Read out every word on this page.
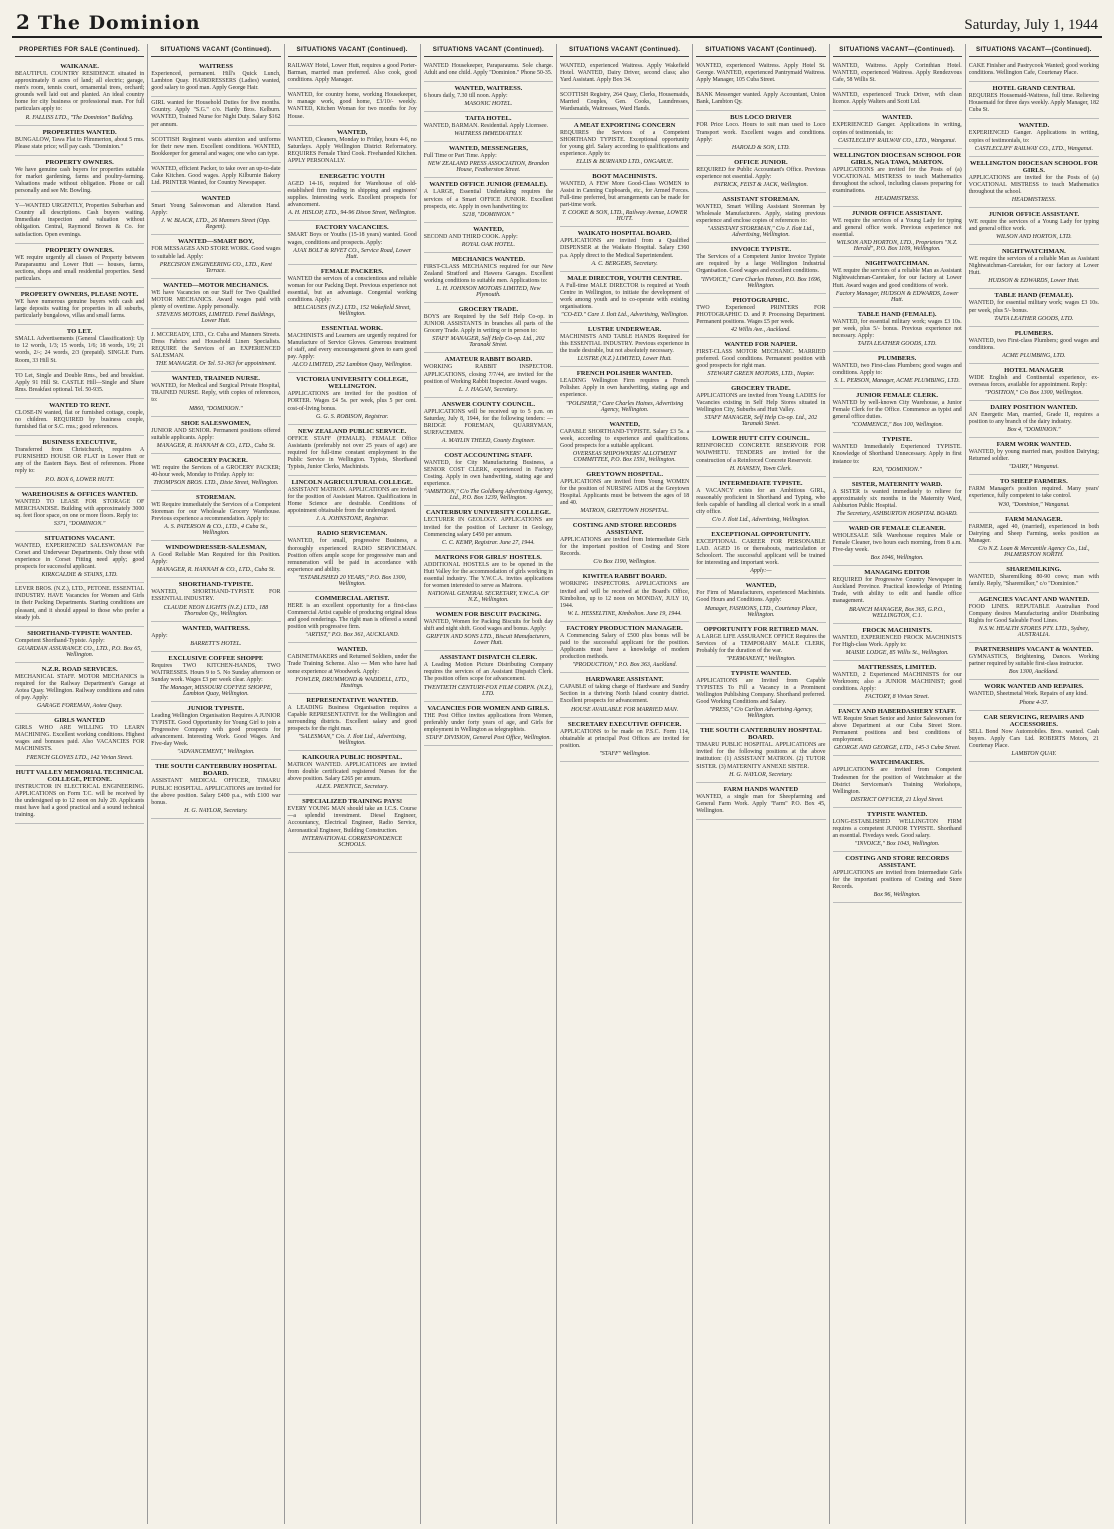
2 The Dominion	Saturday, July 1, 1944
PROPERTIES FOR SALE (Continued).
WAIKANAE.
BEAUTIFUL COUNTRY RESIDENCE situated in approximately 8 acres of land; all electric; garage, men's room, tennis court, ornamental trees, orchard; grounds well laid out and planted. An ideal country home for city business or professional man. For full particulars apply to:
R. FALLISS LTD., "The Dominion" Building.
PROPERTIES WANTED.
BUNGALOW, Tawa Flat to Plimmerton, about 5 rms. Please state price; will pay cash. "Dominion."
PROPERTY OWNERS.
We have genuine cash buyers for properties suitable for market gardening, farms and poultry-farming. Valuations made without obligation. Phone or call personally and see Mr. Bowling.
Y—WANTED URGENTLY, Properties Suburban and Country all descriptions. Cash buyers waiting. Immediate inspection and valuation without obligation. Central, Raymond Brown & Co. for satisfaction. Open evenings.
PROPERTY OWNERS.
WE require urgently all classes of Property between Paraparaumu and Lower Hutt — houses, farms, sections, shops and small residential properties. Send particulars.
PROPERTY OWNERS, PLEASE NOTE.
WE have numerous genuine buyers with cash and large deposits waiting for properties in all suburbs, particularly bungalows, villas and small farms.
TO LET.
SMALL Advertisements (General Classification): Up to 12 words, 1/3; 15 words, 1/6; 18 words, 1/9; 21 words, 2/-; 24 words, 2/3 (prepaid). SINGLE Furn. Room, 33 Hill St.
TO Let, Single and Double Rms., bed and breakfast. Apply 91 Hill St. CASTLE Hill—Single and Share Rms. Breakfast optional. Tel. 50-935.
WANTED TO RENT.
CLOSE-IN wanted, flat or furnished cottage, couple, no children. REQUIRED by business couple, furnished flat or S.C. rms.; good references.
BUSINESS EXECUTIVE,
Transferred from Christchurch, requires A FURNISHED HOUSE OR FLAT in Lower Hutt or any of the Eastern Bays. Best of references. Phone reply to:
P.O. BOX 6, LOWER HUTT.
WAREHOUSES & OFFICES WANTED.
WANTED TO LEASE FOR STORAGE OF MERCHANDISE. Building with approximately 3000 sq. feet floor space, on one or more floors. Reply to:
S371, "DOMINION."
SITUATIONS VACANT.
WANTED, EXPERIENCED SALESWOMAN For Corset and Underwear Departments. Only those with experience in Corset Fitting need apply; good prospects for successful applicant.
KIRKCALDIE & STAINS, LTD.
LEVER BROS. (N.Z.), LTD., PETONE. ESSENTIAL INDUSTRY. HAVE Vacancies for Women and Girls in their Packing Departments. Starting conditions are pleasant, and it should appeal to those who prefer a steady job.
SHORTHAND-TYPISTE WANTED.
Competent Shorthand-Typiste. Apply:
GUARDIAN ASSURANCE CO., LTD., P.O. Box 65, Wellington.
N.Z.R. ROAD SERVICES.
MECHANICAL STAFF. MOTOR MECHANICS is required for the Railway Department's Garage at Aotea Quay. Wellington. Railway conditions and rates of pay. Apply:
GARAGE FOREMAN, Aotea Quay.
GIRLS WANTED
GIRLS WHO ARE WILLING TO LEARN MACHINING. Excellent working conditions. Highest wages and bonuses paid. Also VACANCIES FOR MACHINISTS.
FRENCH GLOVES LTD., 142 Vivian Street.
HUTT VALLEY MEMORIAL TECHNICAL COLLEGE, PETONE.
INSTRUCTOR IN ELECTRICAL ENGINEERING. APPLICATIONS on Form T.C. will be received by the undersigned up to 12 noon on July 20. Applicants must have had a good practical and a sound technical training.
SITUATIONS VACANT (Continued).
WAITRESS
Experienced, permanent. Hill's Quick Lunch, Lambton Quay. HAIRDRESSERS (Ladies) wanted, good salary to good man. Apply George Hair.
GIRL wanted for Household Duties for five months. Country. Apply "S.G." c/o. Hardy Bros. Kelburn. WANTED, Trained Nurse for Night Duty. Salary $162 per annum.
SCOTTISH Regiment wants attention and uniforms for their new men. Excellent conditions. WANTED, Bookkeeper for general and wages; one who can type.
WANTED, efficient Packer, to take over an up-to-date Cake Kitchen. Good wages. Apply Kilburnie Bakery Ltd. PRINTER Wanted, for Country Newspaper.
WANTED
Smart Young Saleswoman and Alteration Hand. Apply:
J. W. BLACK, LTD., 26 Manners Street (Opp. Regent).
WANTED—SMART BOY,
FOR MESSAGES AND STORE WORK. Good wages to suitable lad. Apply:
PRECISION ENGINEERING CO., LTD., Kent Terrace.
WANTED—MOTOR MECHANICS.
WE have Vacancies on our Staff for Two Qualified MOTOR MECHANICS. Award wages paid with plenty of overtime. Apply personally.
STEVENS MOTORS, LIMITED. Fenel Buildings, Lower Hutt.
J. MCCREADY, LTD., Cr. Cuba and Manners Streets. Dress Fabrics and Household Linen Specialists. REQUIRE the Services of an EXPERIENCED SALESMAN.
THE MANAGER. Or Tel. 51-363 for appointment.
WANTED, TRAINED NURSE.
WANTED, for Medical and Surgical Private Hospital, TRAINED NURSE. Reply, with copies of references, to:
M860, "DOMINION."
SHOE SALESWOMEN,
JUNIOR AND SENIOR. Permanent positions offered suitable applicants. Apply:
MANAGER, R. HANNAH & CO., LTD., Cuba St.
GROCERY PACKER.
WE require the Services of a GROCERY PACKER; 40-hour week, Monday to Friday. Apply to:
THOMPSON BROS. LTD., Dixie Street, Wellington.
STOREMAN.
WE Require immediately the Services of a Competent Storeman for our Wholesale Grocery Warehouse. Previous experience a recommendation. Apply to:
A. S. PATERSON & CO., LTD., 4 Cuba St., Wellington.
WINDOWDRESSER-SALESMAN,
A Good Reliable Man Required for this Position. Apply:
MANAGER, R. HANNAH & CO., LTD., Cuba St.
SHORTHAND-TYPISTE.
WANTED, SHORTHAND-TYPISTE FOR ESSENTIAL INDUSTRY.
CLAUDE NEON LIGHTS (N.Z.) LTD., 188 Thorndon Qy., Wellington.
WANTED, WAITRESS.
Apply:
BARRETT'S HOTEL.
EXCLUSIVE COFFEE SHOPPE
Requires TWO KITCHEN-HANDS, TWO WAITRESSES. Hours 9 to 5. No Sunday afternoon or Sunday work. Wages £3 per week clear. Apply:
The Manager, MISSOURI COFFEE SHOPPE, Lambton Quay, Wellington.
JUNIOR TYPISTE.
Leading Wellington Organisation Requires A JUNIOR TYPISTE. Good Opportunity for Young Girl to join a Progressive Company with good prospects for advancement. Interesting Work. Good Wages. And Five-day Week.
"ADVANCEMENT," Wellington.
THE SOUTH CANTERBURY HOSPITAL BOARD.
ASSISTANT MEDICAL OFFICER, TIMARU PUBLIC HOSPITAL. APPLICATIONS are invited for the above position. Salary £400 p.a., with £100 war bonus.
H. G. NAYLOR, Secretary.
SITUATIONS VACANT (Continued).
RAILWAY Hotel, Lower Hutt, requires a good Porter-Barman, married man preferred. Also cook, good conditions. Apply Manager.
WANTED, for country home, working Housekeeper, to manage work, good home, £3/10/- weekly. WANTED, Kitchen Woman for two months for Joy House.
WANTED,
WANTED, Cleaners, Monday to Friday, hours 4-6, no Saturdays. Apply Wellington District Reformatory. REQUIRES Female Third Cook. Fivehanded Kitchen. APPLY PERSONALLY.
ENERGETIC YOUTH
AGED 14-16, required for Warehouse of old-established firm trading in shipping and engineers' supplies. Interesting work. Excellent prospects for advancement.
A. H. HISLOP, LTD., 94-96 Dixon Street, Wellington.
FACTORY VACANCIES.
SMART Boys or Youths (15-18 years) wanted. Good wages, conditions and prospects. Apply:
AJAX BOLT & RIVET CO., Service Road, Lower Hutt.
FEMALE PACKERS.
WANTED the services of a conscientious and reliable woman for our Packing Dept. Previous experience not essential, but an advantage. Congenial working conditions. Apply:
MELCAUSES (N.Z.) LTD., 152 Wakefield Street, Wellington.
ESSENTIAL WORK.
MACHINISTS and Learners are urgently required for Manufacture of Service Gloves. Generous treatment of staff, and every encouragement given to earn good pay. Apply:
ALCO LIMITED, 252 Lambton Quay, Wellington.
VICTORIA UNIVERSITY COLLEGE, WELLINGTON.
APPLICATIONS are invited for the position of PORTER. Wages £4 5s. per week, plus 5 per cent. cost-of-living bonus.
G. G. S. ROBISON, Registrar.
NEW ZEALAND PUBLIC SERVICE.
OFFICE STAFF (FEMALE). FEMALE Office Assistants (preferably not over 25 years of age) are required for full-time constant employment in the Public Service in Wellington. Typists, Shorthand Typists, Junior Clerks, Machinists.
LINCOLN AGRICULTURAL COLLEGE.
ASSISTANT MATRON. APPLICATIONS are invited for the position of Assistant Matron. Qualifications in Home Science are desirable. Conditions of appointment obtainable from the undersigned.
J. A. JOHNSTONE, Registrar.
RADIO SERVICEMAN.
WANTED, for small, progressive Business, a thoroughly experienced RADIO SERVICEMAN. Position offers ample scope for progressive man and remuneration will be paid in accordance with experience and ability.
"ESTABLISHED 20 YEARS," P.O. Box 1300, Wellington.
COMMERCIAL ARTIST.
HERE is an excellent opportunity for a first-class Commercial Artist capable of producing original ideas and good renderings. The right man is offered a sound position with progressive firm.
"ARTIST," P.O. Box 361, AUCKLAND.
WANTED.
CABINETMAKERS and Returned Soldiers, under the Trade Training Scheme. Also — Men who have had some experience at Woodwork. Apply:
FOWLER, DRUMMOND & WADDELL, LTD., Hastings.
REPRESENTATIVE WANTED.
A LEADING Business Organisation requires a Capable REPRESENTATIVE for the Wellington and surrounding districts. Excellent salary and good prospects for the right man.
"SALESMAN," C/o. J. Ilott Ltd., Advertising, Wellington.
KAIKOURA PUBLIC HOSPITAL.
MATRON WANTED. APPLICATIONS are invited from double certificated registered Nurses for the above position. Salary £265 per annum.
ALEX. PRENTICE, Secretary.
SPECIALIZED TRAINING PAYS!
EVERY YOUNG MAN should take an I.C.S. Course—a splendid investment. Diesel Engineer, Accountancy, Electrical Engineer, Radio Service, Aeronautical Engineer, Building Construction.
INTERNATIONAL CORRESPONDENCE SCHOOLS.
SITUATIONS VACANT (Continued).
WANTED Housekeeper, Paraparaumu. Sole charge. Adult and one child. Apply "Dominion." Phone 50-35.
WANTED, WAITRESS.
6 hours daily, 7.30 till noon. Apply:
MASONIC HOTEL.
TAITA HOTEL.
WANTED, BARMAN. Residential. Apply Licensee.
WAITRESS IMMEDIATELY.
WANTED, MESSENGERS,
Full Time or Part Time. Apply:
NEW ZEALAND PRESS ASSOCIATION, Brandon House, Featherston Street.
WANTED OFFICE JUNIOR (FEMALE).
A LARGE, Essential Undertaking requires the services of a Smart OFFICE JUNIOR. Excellent prospects, etc. Apply in own handwriting to:
S218, "DOMINION."
WANTED,
SECOND AND THIRD COOK. Apply:
ROYAL OAK HOTEL.
MECHANICS WANTED.
FIRST-CLASS MECHANICS required for our New Zealand Stratford and Hawera Garages. Excellent working conditions to suitable men. Applications to:
L. H. JOHNSON MOTORS LIMITED, New Plymouth.
GROCERY TRADE.
BOYS are Required by the Self Help Co-op. in JUNIOR ASSISTANTS in branches all parts of the Grocery Trade. Apply in writing or in person to:
STAFF MANAGER, Self Help Co-op. Ltd., 202 Taranaki Street.
AMATEUR RABBIT BOARD.
WORKING RABBIT INSPECTOR. APPLICATIONS, closing 7/7/44, are invited for the position of Working Rabbit Inspector. Award wages.
L. J. HAGAN, Secretary.
ANSWER COUNTY COUNCIL.
APPLICATIONS will be received up to 5 p.m. on Saturday, July 8, 1944, for the following tenders: — BRIDGE FOREMAN, QUARRYMAN, SURFACEMEN.
A. MAYLIN THEED, County Engineer.
COST ACCOUNTING STAFF.
WANTED, for City Manufacturing Business, a SENIOR COST CLERK, experienced in Factory Costing. Apply in own handwriting, stating age and experience.
"AMBITION," C/o The Goldberg Advertising Agency, Ltd., P.O. Box 1239, Wellington.
CANTERBURY UNIVERSITY COLLEGE.
LECTURER IN GEOLOGY. APPLICATIONS are invited for the position of Lecturer in Geology, Commencing salary £450 per annum.
C. C. KEMP, Registrar. June 27, 1944.
MATRONS FOR GIRLS' HOSTELS.
ADDITIONAL HOSTELS are to be opened in the Hutt Valley for the accommodation of girls working in essential industry. The Y.W.C.A. invites applications for women interested to serve as Matrons.
NATIONAL GENERAL SECRETARY, Y.W.C.A. OF N.Z., Wellington.
WOMEN FOR BISCUIT PACKING.
WANTED, Women for Packing Biscuits for both day shift and night shift. Good wages and bonus. Apply:
GRIFFIN AND SONS LTD., Biscuit Manufacturers, Lower Hutt.
ASSISTANT DISPATCH CLERK.
A Leading Motion Picture Distributing Company requires the services of an Assistant Dispatch Clerk. The position offers scope for advancement.
TWENTIETH CENTURY-FOX FILM CORPN. (N.Z.), LTD.
VACANCIES FOR WOMEN AND GIRLS.
THE Post Office invites applications from Women, preferably under forty years of age, and Girls for employment in Wellington as telegraphists.
STAFF DIVISION, General Post Office, Wellington.
SITUATIONS VACANT (Continued).
WANTED, experienced Waitress. Apply Wakefield Hotel. WANTED, Dairy Driver, second class; also Yard Assistant. Apply Box 34.
SCOTTISH Registry, 264 Quay, Clerks, Housemaids, Married Couples, Gen. Cooks, Laundresses, Wardsmaids, Waitresses, Ward Hands.
A MEAT EXPORTING CONCERN
REQUIRES the Services of a Competent SHORTHAND TYPISTE. Exceptional opportunity for young girl. Salary according to qualifications and experience. Apply to:
ELLIS & BURNAND LTD., ONGARUE.
BOOT MACHINISTS.
WANTED, A FEW More Good-Class WOMEN to Assist in Canning Cupboards, etc., for Armed Forces. Full-time preferred, but arrangements can be made for part-time work.
T. COOKE & SON, LTD., Railway Avenue, LOWER HUTT.
WAIKATO HOSPITAL BOARD.
APPLICATIONS are invited from a Qualified DISPENSER at the Waikato Hospital. Salary £360 p.a. Apply direct to the Medical Superintendent.
A. C. BERGERS, Secretary.
MALE DIRECTOR, YOUTH CENTRE.
A Full-time MALE DIRECTOR is required at Youth Centre in Wellington, to initiate the development of work among youth and to co-operate with existing organisations.
"CO-ED." Care J. Ilott Ltd., Advertising, Wellington.
LUSTRE UNDERWEAR.
MACHINISTS AND TABLE HANDS Required for this ESSENTIAL INDUSTRY. Previous experience in the trade desirable, but not absolutely necessary.
LUSTRE (N.Z.) LIMITED, Lower Hutt.
FRENCH POLISHER WANTED.
LEADING Wellington Firm requires a French Polisher. Apply in own handwriting, stating age and experience.
"POLISHER," Care Charles Haines, Advertising Agency, Wellington.
WANTED,
CAPABLE SHORTHAND-TYPISTE. Salary £3 5s. a week, according to experience and qualifications. Good prospects for a suitable applicant.
OVERSEAS SHIPOWNERS' ALLOTMENT COMMITTEE, P.O. Box 1591, Wellington.
GREYTOWN HOSPITAL.
APPLICATIONS are invited from Young WOMEN for the position of NURSING AIDS at the Greytown Hospital. Applicants must be between the ages of 18 and 40.
MATRON, GREYTOWN HOSPITAL.
COSTING AND STORE RECORDS ASSISTANT.
APPLICATIONS are invited from Intermediate Girls for the important position of Costing and Store Records.
C/o Box 1190, Wellington.
KIWITEA RABBIT BOARD.
WORKING INSPECTORS. APPLICATIONS are invited and will be received at the Board's Office, Kimbolton, up to 12 noon on MONDAY, JULY 10, 1944.
W. L. HESSELTINE, Kimbolton. June 19, 1944.
FACTORY PRODUCTION MANAGER.
A Commencing Salary of £500 plus bonus will be paid to the successful applicant for the position. Applicants must have a knowledge of modern production methods.
"PRODUCTION," P.O. Box 363, Auckland.
HARDWARE ASSISTANT.
CAPABLE of taking charge of Hardware and Sundry Section in a thriving North Island country district. Excellent prospects for advancement.
HOUSE AVAILABLE FOR MARRIED MAN.
SECRETARY EXECUTIVE OFFICER.
APPLICATIONS to be made on P.S.C. Form 114, obtainable at principal Post Offices are invited for position.
"STAFF" Wellington.
SITUATIONS VACANT (Continued).
WANTED, experienced Waitress. Apply Hotel St. George. WANTED, experienced Pantrymaid Waitress. Apply Manager, 105 Cuba Street.
BANK Messenger wanted. Apply Accountant, Union Bank, Lambton Qy.
BUS LOCO DRIVER
FOR Price Loco. Hours to suit man used to Loco Transport work. Excellent wages and conditions. Apply:
HAROLD & SON, LTD.
OFFICE JUNIOR.
REQUIRED for Public Accountant's Office. Previous experience not essential. Apply:
PATRICK, FEIST & JACK, Wellington.
ASSISTANT STOREMAN.
WANTED, Smart Willing Assistant Storeman by Wholesale Manufacturers. Apply, stating previous experience and enclose copies of references to:
"ASSISTANT STOREMAN," C/o J. Ilott Ltd., Advertising, Wellington.
INVOICE TYPISTE.
The Services of a Competent Junior Invoice Typiste are required by a large Wellington Industrial Organisation. Good wages and excellent conditions.
"INVOICE," Care Charles Haines, P.O. Box 1696, Wellington.
PHOTOGRAPHIC.
TWO Experienced PRINTERS FOR PHOTOGRAPHIC D. and P. Processing Department. Permanent positions. Wages £5 per week.
42 Willis Ave., Auckland.
WANTED FOR NAPIER.
FIRST-CLASS MOTOR MECHANIC. MARRIED preferred. Good conditions. Permanent position with good prospects for right man.
STEWART GREEN MOTORS, LTD., Napier.
GROCERY TRADE.
APPLICATIONS are invited from Young LADIES for Vacancies existing in Self Help Stores situated in Wellington City, Suburbs and Hutt Valley.
STAFF MANAGER, Self Help Co-op. Ltd., 202 Taranaki Street.
LOWER HUTT CITY COUNCIL.
REINFORCED CONCRETE RESERVOIR FOR WAIWHETU. TENDERS are invited for the construction of a Reinforced Concrete Reservoir.
H. HANSEN, Town Clerk.
INTERMEDIATE TYPISTE.
A VACANCY exists for an Ambitious GIRL, reasonably proficient in Shorthand and Typing, who feels capable of handling all clerical work in a small city office.
C/o J. Ilott Ltd., Advertising, Wellington.
EXCEPTIONAL OPPORTUNITY.
EXCEPTIONAL CAREER FOR PERSONABLE LAD. AGED 16 or thereabouts, matriculation or Schoolcert. The successful applicant will be trained for interesting and important work.
Apply:—
WANTED,
For Firm of Manufacturers, experienced Machinists. Good Hours and Conditions. Apply:
Manager, FASHIONS, LTD., Courtenay Place, Wellington.
OPPORTUNITY FOR RETIRED MAN.
A LARGE LIFE ASSURANCE OFFICE Requires the Services of a TEMPORARY MALE CLERK, Probably for the duration of the war.
"PERMANENT," Wellington.
TYPISTE WANTED.
APPLICATIONS are Invited from Capable TYPISTES To Fill a Vacancy in a Prominent Wellington Publishing Company. Shorthand preferred. Good Working Conditions and Salary.
"PRESS," C/o Carlton Advertising Agency, Wellington.
THE SOUTH CANTERBURY HOSPITAL BOARD.
TIMARU PUBLIC HOSPITAL. APPLICATIONS are invited for the following positions at the above institution: (1) ASSISTANT MATRON. (2) TUTOR SISTER. (3) MATERNITY ANNEXE SISTER.
H. G. NAYLOR, Secretary.
FARM HANDS WANTED
WANTED, a single man for Sheepfarming and General Farm Work. Apply "Farm" P.O. Box 45, Wellington.
SITUATIONS VACANT—(Continued).
WANTED, Waitress. Apply Corinthian Hotel. WANTED, experienced Waitress. Apply Rendezvous Cafe, 58 Willis St.
WANTED, experienced Truck Driver, with clean licence. Apply Walters and Scott Ltd.
WANTED.
EXPERIENCED Ganger. Applications in writing, copies of testimonials, to:
CASTLECLIFF RAILWAY CO., LTD., Wanganui.
WELLINGTON DIOCESAN SCHOOL FOR GIRLS, NGA TAWA, MARTON.
APPLICATIONS are invited for the Posts of (a) VOCATIONAL MISTRESS to teach Mathematics throughout the school, including classes preparing for examinations.
HEADMISTRESS.
JUNIOR OFFICE ASSISTANT.
WE require the services of a Young Lady for typing and general office work. Previous experience not essential.
WILSON AND HORTON, LTD., Proprietors "N.Z. Herald", P.O. Box 1109, Wellington.
NIGHTWATCHMAN.
WE require the services of a reliable Man as Assistant Nightwatchman-Caretaker, for our factory at Lower Hutt. Award wages and good conditions of work.
Factory Manager, HUDSON & EDWARDS, Lower Hutt.
TABLE HAND (FEMALE).
WANTED, for essential military work; wages £3 10s. per week, plus 5/- bonus. Previous experience not necessary. Apply:
TAITA LEATHER GOODS, LTD.
PLUMBERS.
WANTED, two First-class Plumbers; good wages and conditions. Apply to:
S. L. PERSON, Manager, ACME PLUMBING, LTD.
JUNIOR FEMALE CLERK.
WANTED by well-known City Warehouse, a Junior Female Clerk for the Office. Commence as typist and general office duties.
"COMMENCE," Box 100, Wellington.
TYPISTE.
WANTED Immediately Experienced TYPISTE. Knowledge of Shorthand Unnecessary. Apply in first instance to:
R20, "DOMINION."
SISTER, MATERNITY WARD.
A SISTER is wanted immediately to relieve for approximately six months in the Maternity Ward, Ashburton Public Hospital.
The Secretary, ASHBURTON HOSPITAL BOARD.
WARD OR FEMALE CLEANER.
WHOLESALE Silk Warehouse requires Male or Female Cleaner, two hours each morning, from 8 a.m. Five-day week.
Box 1046, Wellington.
MANAGING EDITOR
REQUIRED for Progressive Country Newspaper in Auckland Province. Practical knowledge of Printing Trade, with ability to edit and handle office management.
BRANCH MANAGER, Box 365, G.P.O., WELLINGTON, C.1.
FROCK MACHINISTS.
WANTED, EXPERIENCED FROCK MACHINISTS For High-class Work. Apply to:
MAISIE LODGE, 85 Willis St., Wellington.
MATTRESSES, LIMITED.
WANTED, 2 Experienced MACHINISTS for our Workroom; also a JUNIOR MACHINIST; good conditions. Apply:
FACTORY, 8 Vivian Street.
FANCY AND HABERDASHERY STAFF.
WE Require Smart Senior and Junior Saleswomen for above Department at our Cuba Street Store. Permanent positions and best conditions of employment.
GEORGE AND GEORGE, LTD., 145-3 Cuba Street.
WATCHMAKERS.
APPLICATIONS are invited from Competent Tradesmen for the position of Watchmaker at the District Serviceman's Training Workshops, Wellington.
DISTRICT OFFICER, 21 Lloyd Street.
TYPISTE WANTED.
LONG-ESTABLISHED WELLINGTON FIRM requires a competent JUNIOR TYPISTE. Shorthand an essential. Fivedays week. Good salary.
"INVOICE," Box 1043, Wellington.
COSTING AND STORE RECORDS ASSISTANT.
APPLICATIONS are invited from Intermediate Girls for the important positions of Costing and Store Records.
Box 96, Wellington.
SITUATIONS VACANT—(Continued).
CAKE Finisher and Pastrycook Wanted; good working conditions. Wellington Cafe, Courtenay Place.
HOTEL GRAND CENTRAL
REQUIRES Housemaid-Waitress, full time. Relieving Housemaid for three days weekly. Apply Manager, 182 Cuba St.
WANTED.
EXPERIENCED Ganger. Applications in writing, copies of testimonials, to:
CASTLECLIFF RAILWAY CO., LTD., Wanganui.
WELLINGTON DIOCESAN SCHOOL FOR GIRLS.
APPLICATIONS are invited for the Posts of (a) VOCATIONAL MISTRESS to teach Mathematics throughout the school.
HEADMISTRESS.
JUNIOR OFFICE ASSISTANT.
WE require the services of a Young Lady for typing and general office work.
WILSON AND HORTON, LTD.
NIGHTWATCHMAN.
WE require the services of a reliable Man as Assistant Nightwatchman-Caretaker, for our factory at Lower Hutt.
HUDSON & EDWARDS, Lower Hutt.
TABLE HAND (FEMALE).
WANTED, for essential military work; wages £3 10s. per week, plus 5/- bonus.
TAITA LEATHER GOODS, LTD.
PLUMBERS.
WANTED, two First-class Plumbers; good wages and conditions.
ACME PLUMBING, LTD.
HOTEL MANAGER
WIDE English and Continental experience, ex-overseas forces, available for appointment. Reply:
"POSITION," C/o Box 1300, Wellington.
DAIRY POSITION WANTED.
AN Energetic Man, married, Grade II, requires a position to any branch of the dairy industry.
Box 4, "DOMINION."
FARM WORK WANTED.
WANTED, by young married man, position Dairying; Returned soldier.
"DAIRY," Wanganui.
TO SHEEP FARMERS.
FARM Manager's position required. Many years' experience, fully competent to take control.
W30, "Dominion," Wanganui.
FARM MANAGER.
FARMER, aged 40, (married), experienced in both Dairying and Sheep Farming, seeks position as Manager.
C/o N.Z. Loan & Mercantile Agency Co., Ltd., PALMERSTON NORTH.
SHAREMILKING.
WANTED, Sharemilking 80-90 cows; man with family. Reply, "Sharemilker," c/o "Dominion."
AGENCIES VACANT AND WANTED.
FOOD LINES. REPUTABLE Australian Food Company desires Manufacturing and/or Distributing Rights for Good Saleable Food Lines.
N.S.W. HEALTH STORES PTY. LTD., Sydney, AUSTRALIA.
PARTNERSHIPS VACANT & WANTED.
GYMNASTICS, Brightening, Dances. Working partner required by suitable first-class instructor.
Box 1300, Auckland.
WORK WANTED AND REPAIRS.
WANTED, Sheetmetal Work. Repairs of any kind.
Phone 4-37.
CAR SERVICING, REPAIRS AND ACCESSORIES.
SELL Bond Now Automobiles. Bros. wanted. Cash buyers. Apply Cars Ltd. ROBERTS Motors, 21 Courtenay Place.
LAMBTON QUAY.
